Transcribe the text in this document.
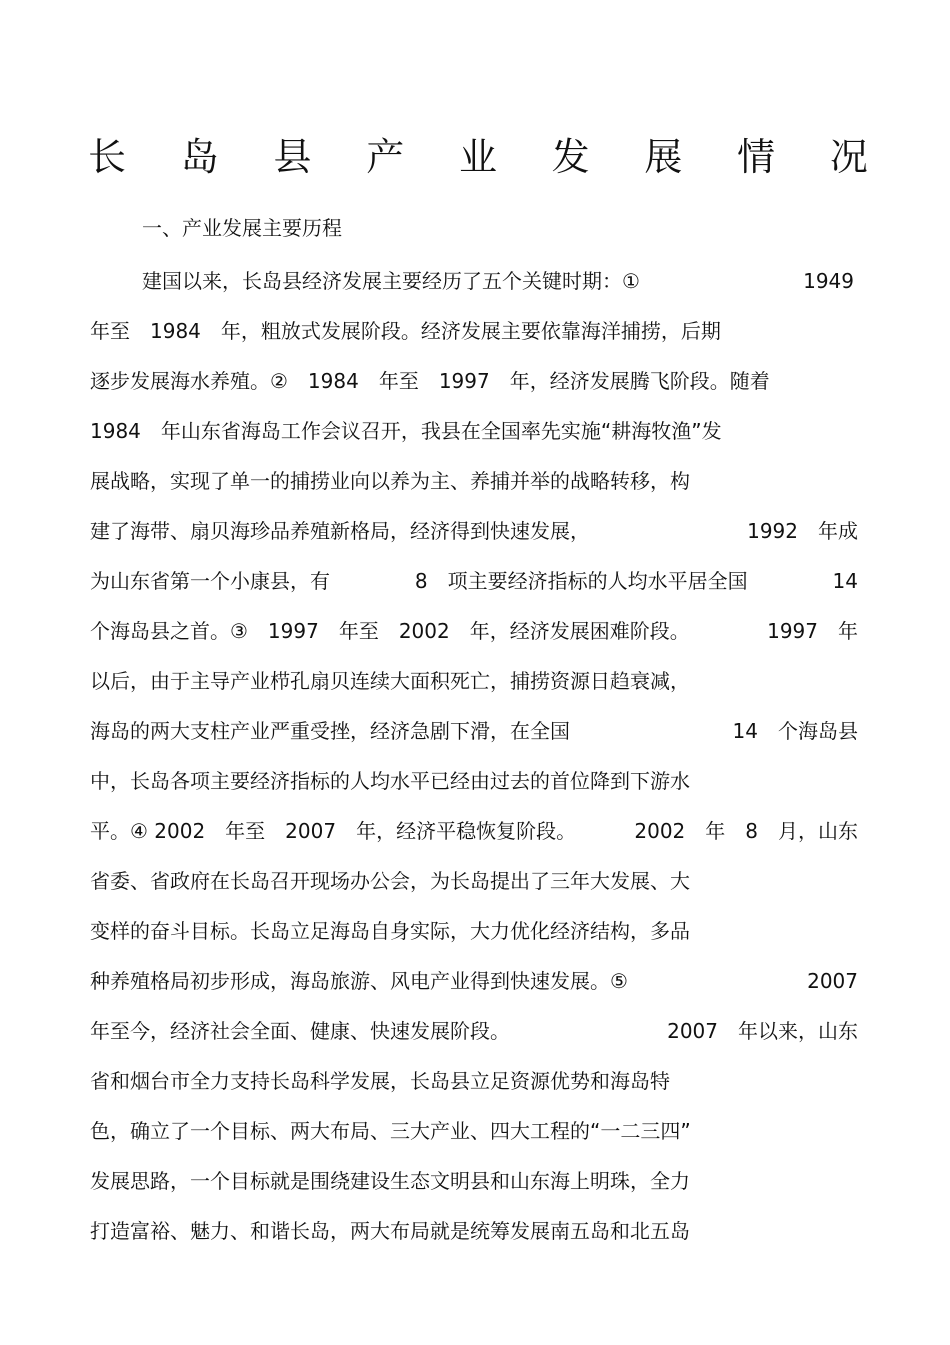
长 岛 县 产 业 发 展 情 况
一、产业发展主要历程
建国以来，长岛县经济发展主要经历了五个关键时期：①	1949
年至　1984　年，粗放式发展阶段。经济发展主要依靠海洋捕捞，后期
逐步发展海水养殖。②　1984　年至　1997　年，经济发展腾飞阶段。随着
1984　年山东省海岛工作会议召开，我县在全国率先实施“耕海牧渔”发
展战略，实现了单一的捕捞业向以养为主、养捕并举的战略转移，构
建了海带、扇贝海珍品养殖新格局，经济得到快速发展，	1992　年成
为山东省第一个小康县，有	8　项主要经济指标的人均水平居全国	14
个海岛县之首。③　1997　年至　2002　年，经济发展困难阶段。	1997　年
以后，由于主导产业栉孔扇贝连续大面积死亡，捕捞资源日趋衰减，
海岛的两大支柱产业严重受挫，经济急剧下滑，在全国	14　个海岛县
中，长岛各项主要经济指标的人均水平已经由过去的首位降到下游水
平。④ 2002　年至　2007　年，经济平稳恢复阶段。	2002　年　8　月，山东
省委、省政府在长岛召开现场办公会，为长岛提出了三年大发展、大
变样的奋斗目标。长岛立足海岛自身实际，大力优化经济结构，多品
种养殖格局初步形成，海岛旅游、风电产业得到快速发展。⑤	2007
年至今，经济社会全面、健康、快速发展阶段。	2007　年以来，山东
省和烟台市全力支持长岛科学发展，长岛县立足资源优势和海岛特
色，确立了一个目标、两大布局、三大产业、四大工程的“一二三四”
发展思路，一个目标就是围绕建设生态文明县和山东海上明珠，全力
打造富裕、魅力、和谐长岛，两大布局就是统筹发展南五岛和北五岛
